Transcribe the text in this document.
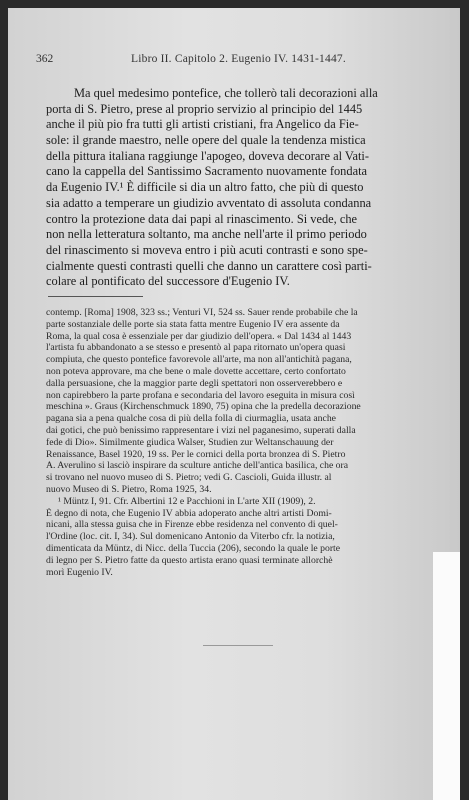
362	Libro II. Capitolo 2. Eugenio IV. 1431-1447.
Ma quel medesimo pontefice, che tollerò tali decorazioni alla
porta di S. Pietro, prese al proprio servizio al principio del 1445
anche il più pio fra tutti gli artisti cristiani, fra Angelico da Fie-
sole: il grande maestro, nelle opere del quale la tendenza mistica
della pittura italiana raggiunge l'apogeo, doveva decorare al Vati-
cano la cappella del Santissimo Sacramento nuovamente fondata
da Eugenio IV.¹ È difficile si dia un altro fatto, che più di questo
sia adatto a temperare un giudizio avventato di assoluta condanna
contro la protezione data dai papi al rinascimento. Si vede, che
non nella letteratura soltanto, ma anche nell'arte il primo periodo
del rinascimento si moveva entro i più acuti contrasti e sono spe-
cialmente questi contrasti quelli che danno un carattere così parti-
colare al pontificato del successore d'Eugenio IV.
contemp. [Roma] 1908, 323 ss.; Venturi VI, 524 ss. Sauer rende probabile che la
parte sostanziale delle porte sia stata fatta mentre Eugenio IV era assente da
Roma, la qual cosa è essenziale per dar giudizio dell'opera. « Dal 1434 al 1443
l'artista fu abbandonato a se stesso e presentò al papa ritornato un'opera quasi
compiuta, che questo pontefice favorevole all'arte, ma non all'antichità pagana,
non poteva approvare, ma che bene o male dovette accettare, certo confortato
dalla persuasione, che la maggior parte degli spettatori non osserverebbero e
non capirebbero la parte profana e secondaria del lavoro eseguita in misura così
meschina ». Graus (Kirchenschmuck 1890, 75) opina che la predella decorazione
pagana sia a pena qualche cosa di più della folla di ciurmaglia, usata anche
dai gotici, che può benissimo rappresentare i vizi nel paganesimo, superati dalla
fede di Dio». Similmente giudica Walser, Studien zur Weltanschauung der
Renaissance, Basel 1920, 19 ss. Per le cornici della porta bronzea di S. Pietro
A. Averulino si lasciò inspirare da sculture antiche dell'antica basilica, che ora
si trovano nel nuovo museo di S. Pietro; vedi G. Cascioli, Guida illustr. al
nuovo Museo di S. Pietro, Roma 1925, 34.
¹ Müntz I, 91. Cfr. Albertini 12 e Pacchioni in L'arte XII (1909), 2.
È degno di nota, che Eugenio IV abbia adoperato anche altri artisti Domi-
nicani, alla stessa guisa che in Firenze ebbe residenza nel convento di quel-
l'Ordine (loc. cit. I, 34). Sul domenicano Antonio da Viterbo cfr. la notizia,
dimenticata da Müntz, di Nicc. della Tuccia (206), secondo la quale le porte
di legno per S. Pietro fatte da questo artista erano quasi terminate allorchè
morì Eugenio IV.
